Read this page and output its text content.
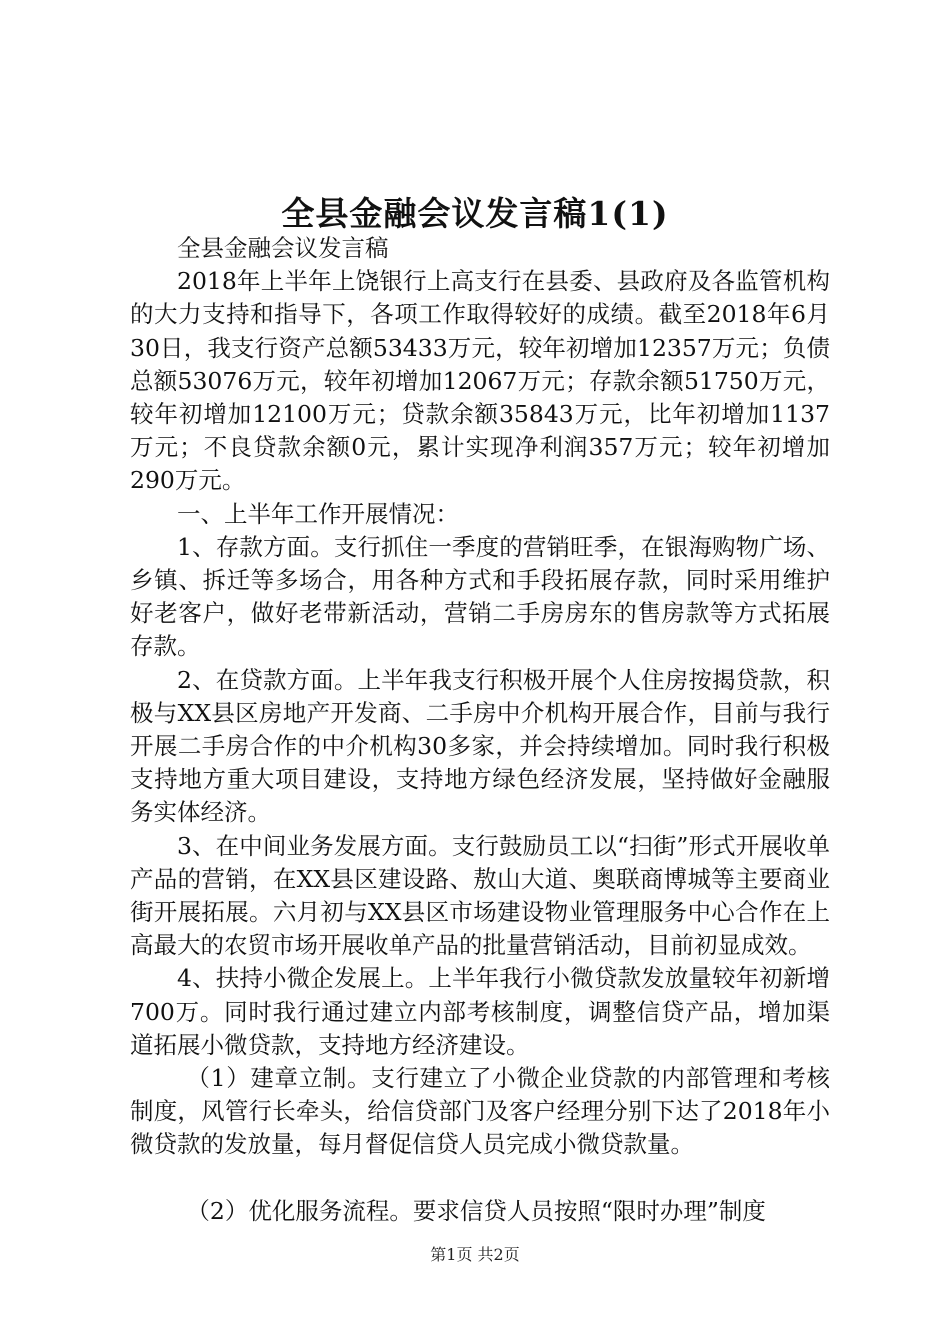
全县金融会议发言稿1(1)

全县金融会议发言稿

2018年上半年上饶银行上高支行在县委、县政府及各监管机构的大力支持和指导下，各项工作取得较好的成绩。截至2018年6月30日，我支行资产总额53433万元，较年初增加12357万元；负债总额53076万元，较年初增加12067万元；存款余额51750万元，较年初增加12100万元；贷款余额35843万元，比年初增加1137万元；不良贷款余额0元，累计实现净利润357万元；较年初增加290万元。

一、上半年工作开展情况：

1、存款方面。支行抓住一季度的营销旺季，在银海购物广场、乡镇、拆迁等多场合，用各种方式和手段拓展存款，同时采用维护好老客户，做好老带新活动，营销二手房房东的售房款等方式拓展存款。

2、在贷款方面。上半年我支行积极开展个人住房按揭贷款，积极与XX县区房地产开发商、二手房中介机构开展合作，目前与我行开展二手房合作的中介机构30多家，并会持续增加。同时我行积极支持地方重大项目建设，支持地方绿色经济发展，坚持做好金融服务实体经济。

3、在中间业务发展方面。支行鼓励员工以“扫街”形式开展收单产品的营销，在XX县区建设路、敖山大道、奥联商博城等主要商业街开展拓展。六月初与XX县区市场建设物业管理服务中心合作在上高最大的农贸市场开展收单产品的批量营销活动，目前初显成效。

4、扶持小微企发展上。上半年我行小微贷款发放量较年初新增700万。同时我行通过建立内部考核制度，调整信贷产品，增加渠道拓展小微贷款，支持地方经济建设。

（1）建章立制。支行建立了小微企业贷款的内部管理和考核制度，风管行长牵头，给信贷部门及客户经理分别下达了2018年小微贷款的发放量，每月督促信贷人员完成小微贷款量。

（2）优化服务流程。要求信贷人员按照“限时办理”制度

第1页 共2页
